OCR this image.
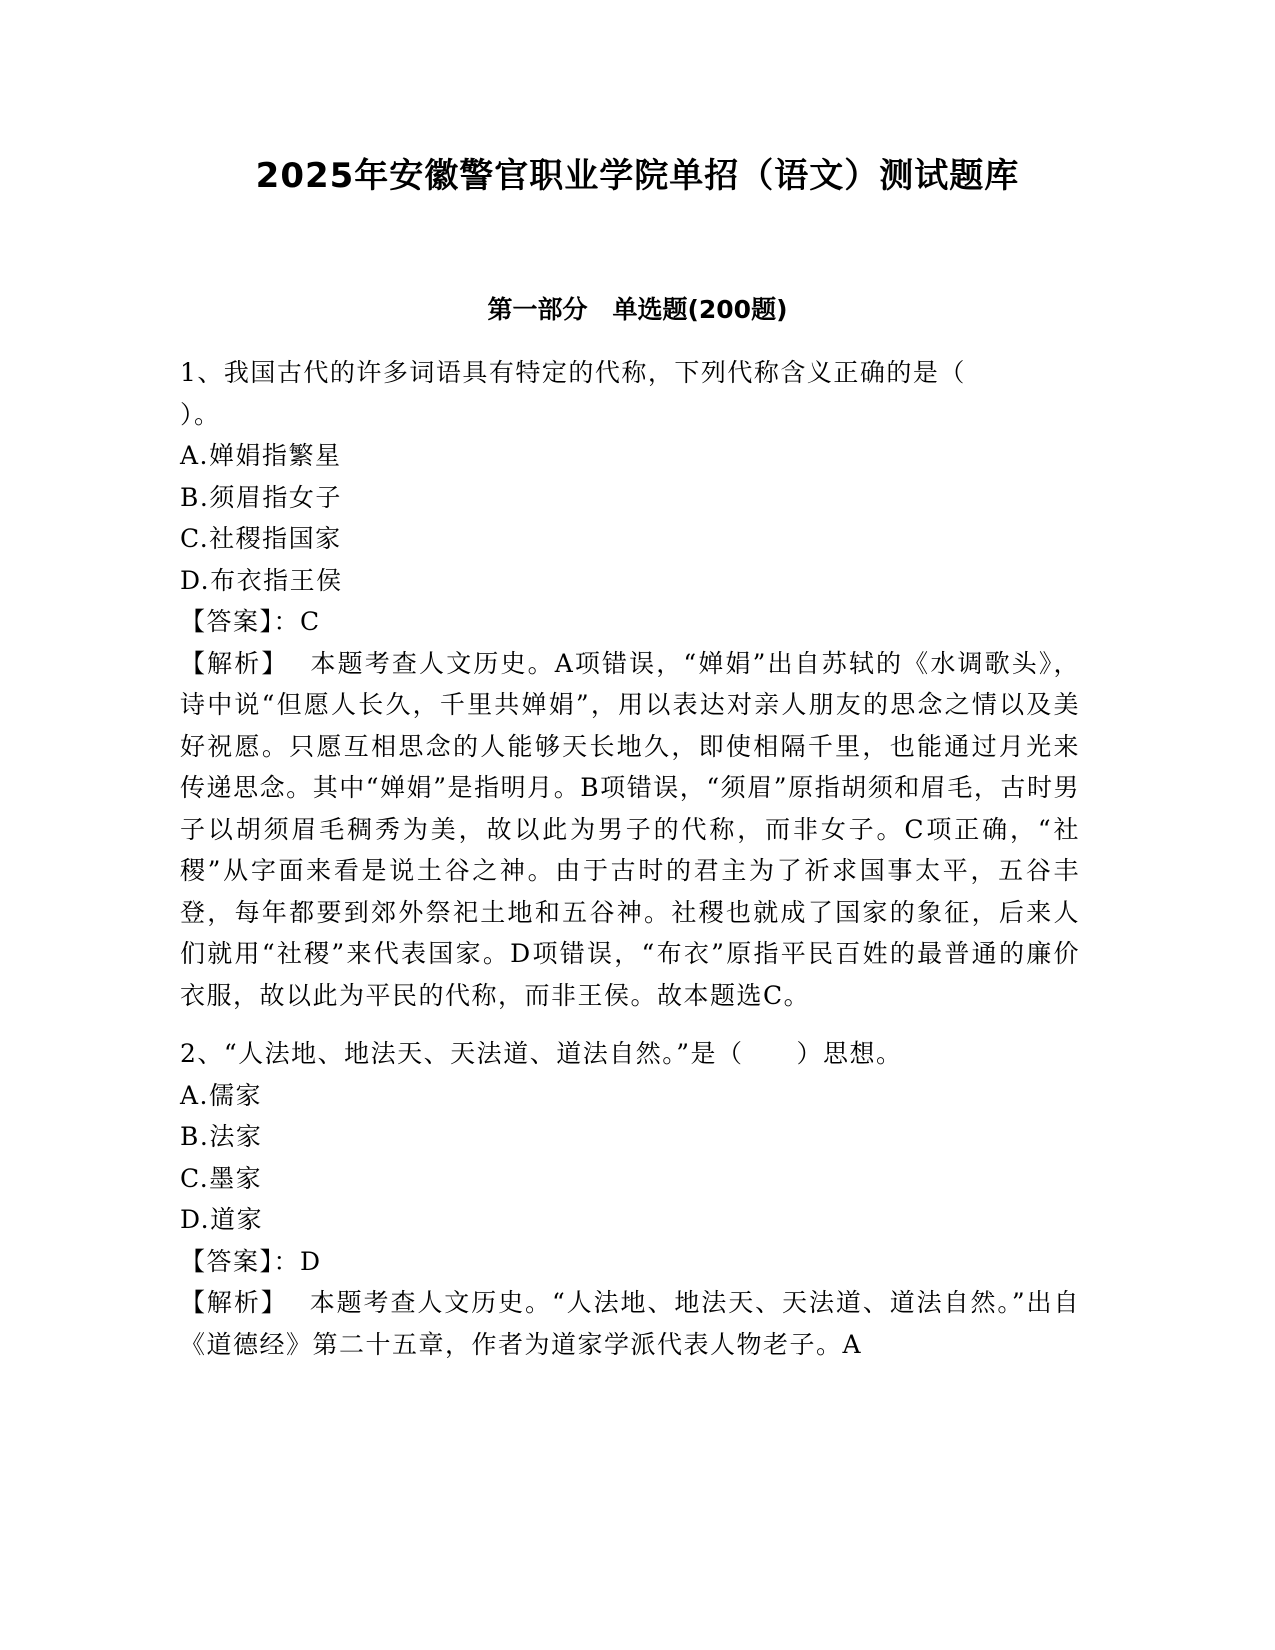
2025年安徽警官职业学院单招（语文）测试题库
第一部分　单选题(200题)
1、我国古代的许多词语具有特定的代称，下列代称含义正确的是（
）。
A.婵娟指繁星
B.须眉指女子
C.社稷指国家
D.布衣指王侯
【答案】：C
【解析】 本题考查人文历史。A项错误，“婵娟”出自苏轼的《水调歌头》，诗中说“但愿人长久，千里共婵娟”，用以表达对亲人朋友的思念之情以及美好祝愿。只愿互相思念的人能够天长地久，即使相隔千里，也能通过月光来传递思念。其中“婵娟”是指明月。B项错误，“须眉”原指胡须和眉毛，古时男子以胡须眉毛稠秀为美，故以此为男子的代称，而非女子。C项正确，“社稷”从字面来看是说土谷之神。由于古时的君主为了祈求国事太平，五谷丰登，每年都要到郊外祭祀土地和五谷神。社稷也就成了国家的象征，后来人们就用“社稷”来代表国家。D项错误，“布衣”原指平民百姓的最普通的廉价衣服，故以此为平民的代称，而非王侯。故本题选C。
2、“人法地、地法天、天法道、道法自然。”是（　　）思想。
A.儒家
B.法家
C.墨家
D.道家
【答案】：D
【解析】 本题考查人文历史。“人法地、地法天、天法道、道法自然。”出自《道德经》第二十五章，作者为道家学派代表人物老子。A
